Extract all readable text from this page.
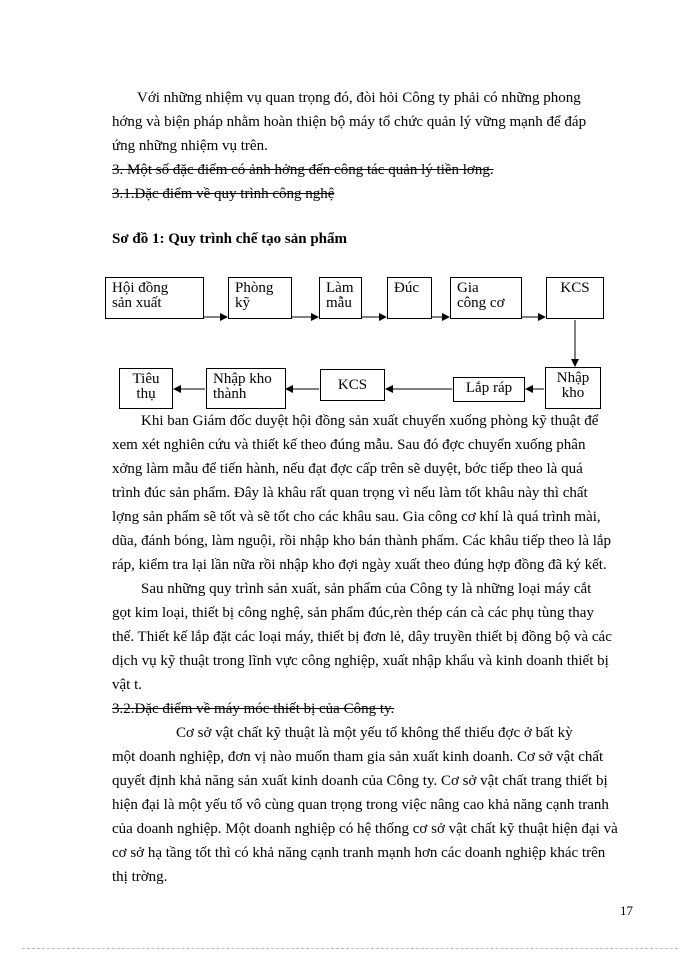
Với những nhiệm vụ quan trọng đó, đòi hỏi Công ty phải có những phong
hớng và biện pháp nhằm hoàn thiện bộ máy tổ chức quản lý vững mạnh để đáp
ứng những nhiệm vụ trên.
3. Một số đặc điểm có ảnh hởng đến công tác quản lý tiền lơng.
3.1.Đặc điểm về quy trình công nghệ
Sơ đồ 1: Quy trình chế tạo sản phẩm
Hội đồng
sản xuất
Phòng
kỹ
Làm
mẫu
Đúc	Gia
công cơ
KCS
Nhập
kho
Lắp ráp
KCS
Nhập kho
thành
Tiêu
thụ
Khi ban Giám đốc duyệt hội đồng sản xuất chuyển xuống phòng kỹ thuật để
xem xét nghiên cứu và thiết kế theo đúng mẫu. Sau đó đợc chuyển xuống phân
xởng làm mẫu để tiến hành, nếu đạt đợc cấp trên sẽ duyệt, bớc tiếp theo là quá
trình đúc sản phẩm. Đây là khâu rất quan trọng vì nếu làm tốt khâu này thì chất
lợng sản phẩm sẽ tốt và sẽ tốt cho các khâu sau. Gia công cơ khí là quá trình mài,
dũa, đánh bóng, làm nguội, rồi nhập kho bán thành phẩm. Các khâu tiếp theo là lắp
ráp, kiểm tra lại lần nữa rồi nhập kho đợi ngày xuất theo đúng hợp đồng đã ký kết.
Sau những quy trình sản xuất, sản phẩm của Công ty là những loại máy cắt
gọt kim loại, thiết bị công nghệ, sản phẩm đúc,rèn thép cán cà các phụ tùng thay
thế. Thiết kế lắp đặt các loại máy, thiết bị đơn lẻ, dây truyền thiết bị đồng bộ và các
dịch vụ kỹ thuật trong lĩnh vực công nghiệp, xuất nhập khẩu và kinh doanh thiết bị
vật t.
3.2.Đặc điểm về máy móc thiết bị của Công ty.
Cơ sở vật chất kỹ thuật là một yếu tố không thể thiếu đợc ở bất kỳ
một doanh nghiệp, đơn vị nào muốn tham gia sản xuất kinh doanh. Cơ sở vật chất
quyết định khả năng sản xuất kinh doanh của Công ty. Cơ sở vật chất trang thiết bị
hiện đại là một yếu tố vô cùng quan trọng trong việc nâng cao khả năng cạnh tranh
của doanh nghiệp. Một doanh nghiệp có hệ thống cơ sở vật chất kỹ thuật hiện đại và
cơ sở hạ tầng tốt thì có khả năng cạnh tranh mạnh hơn các doanh nghiệp khác trên
thị trờng.
17
